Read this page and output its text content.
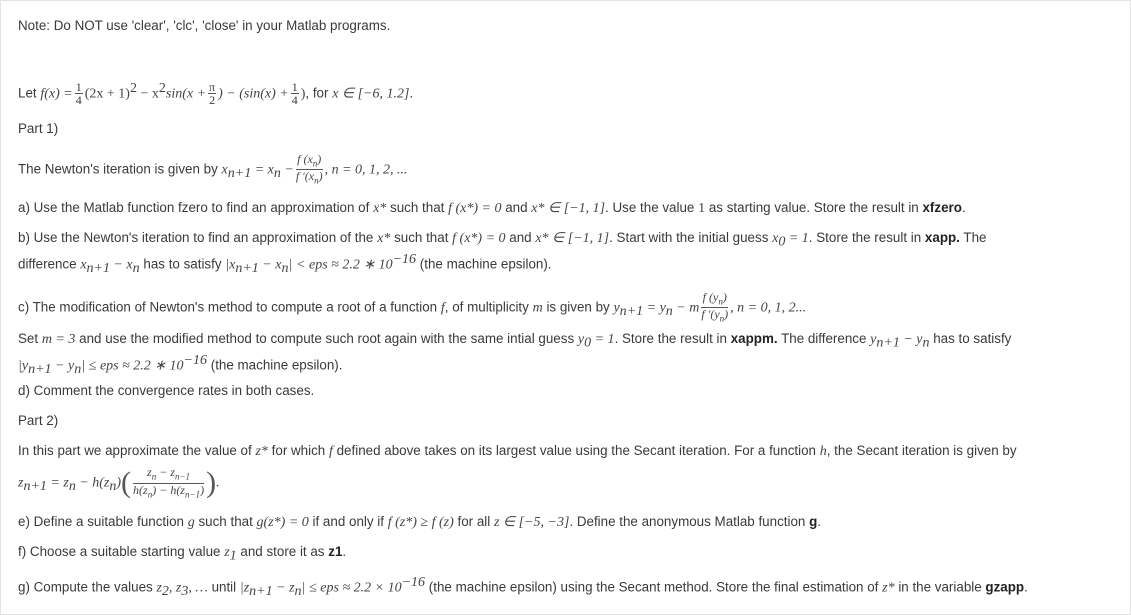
Note: Do NOT use 'clear', 'clc', 'close' in your Matlab programs.
Let $f(x) = \frac{1}{4} (2x + 1)^2 - x^2\sin(x + \frac{\pi}{2}$ ) − ($\sin(x) + \frac{1}{4}$ ), for x ∈ [−6, 1.2].
Part 1)
The Newton's iteration is given by $x_{n+1} = x_n - \frac{f (x_n)}{f '(x_n)}$ , n = 0, 1, 2, ...
a) Use the Matlab function fzero to find an approximation of x* such that f (x*) = 0 and x* ∈ [−1, 1]. Use the value 1 as starting value. Store the result in xfzero.
b) Use the Newton's iteration to find an approximation of the x* such that f (x*) = 0 and x* ∈ [−1, 1]. Start with the initial guess $x_0 = 1$. Store the result in xapp. The
difference $x_{n+1} - x_n$ has to satisfy $|x_{n+1} - x_n|$ < eps ≈ 2.2 ∗ $10^{-16}$ (the machine epsilon).
c) The modification of Newton's method to compute a root of a function f, of multiplicity m is given by $y_{n+1} = y_n - m \frac{f (y_n)}{f '(y_n)}$ , n = 0, 1, 2...
Set m = 3 and use the modified method to compute such root again with the same intial guess $y_0 = 1$. Store the result in xappm. The difference $y_{n+1} - y_n$ has to satisfy
$|y_{n+1} - y_n|$ ≤ eps ≈ 2.2 ∗ $10^{-16}$ (the machine epsilon).
d) Comment the convergence rates in both cases.
Part 2)
In this part we approximate the value of z* for which f defined above takes on its largest value using the Secant iteration. For a function h, the Secant iteration is given by
$z_{n+1} = z_n - h(z_n)( \frac{z_n - z_{n-1}}{h(z_n) - h(z_{n-1})}$ ).
e) Define a suitable function g such that g(z*) = 0 if and only if f (z*) ≥ f (z) for all z ∈ [−5, −3]. Define the anonymous Matlab function g.
f) Choose a suitable starting value $z_1$ and store it as z1.
g) Compute the values $z_2$, $z_3$, … until $|z_{n+1} - z_n|$ ≤ eps ≈ $2.2 \times 10^{-16}$ (the machine epsilon) using the Secant method. Store the final estimation of z* in the variable gzapp.
